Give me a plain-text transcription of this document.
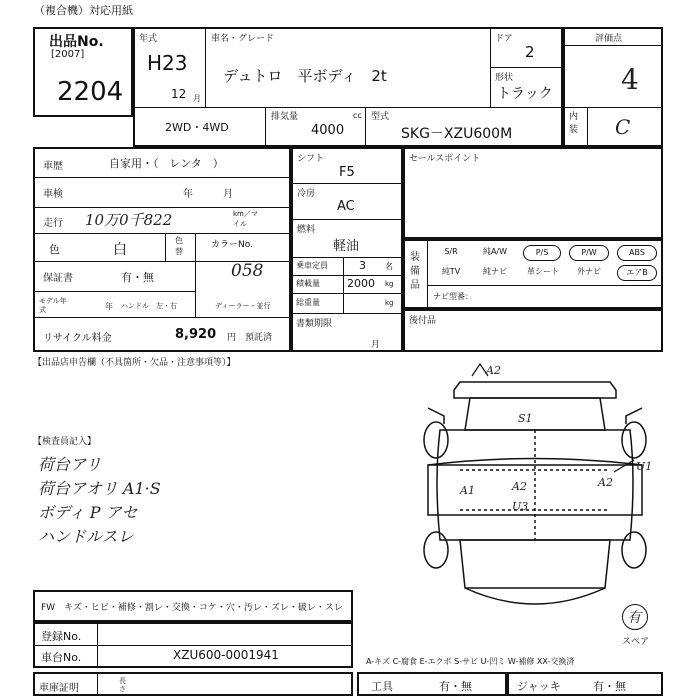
（複合機）対応用紙
出品No.
[2007]
2204
年式
H23
12 月
車名・グレード
デュトロ　平ボディ　2t
ドア
2
形状
トラック
2WD・4WD
排気量
4000
cc 型式
SKG－XZU600M
評価点
4
内装 C
車歴	自家用・（　レンタ　）
車検	年　　　月
走行 10万0千822	km／マイル
色	白
色替
カラーNo.
058
保証書	有・無
モデル年式	年 ハンドル　左・右	ディーラー・並行
リサイクル料金	8,920 円　預託済
シフト
F5
冷房
AC
燃料
軽油
乗車定員	3 名
積載量 2000 kg
総重量	kg
書類期限
月
セールスポイント
装備品
S/R	純A/W	P/S	P/W	ABS
純TV	純ナビ	革シート	外ナビ	エアB
ナビ型番：
後付品
【出品店申告欄（不具箇所・欠品・注意事項等）】
【検査員記入】
荷台アリ
荷台アオリ A1·S
ボディ P アセ
ハンドルスレ
A2
S1
A1
A2
U1
A2
U3
有
スペア
FW　キズ・ヒビ・補修・割レ・交換・コケ・穴・汚レ・ズレ・破レ・スレ
登録No.
車台No.	XZU600-0001941	A-キズ C-腐食 E-エクボ S-サビ U-凹ミ W-補修 XX-交換済
車庫証明
長さ	工具	有・無	ジャッキ	有・無
